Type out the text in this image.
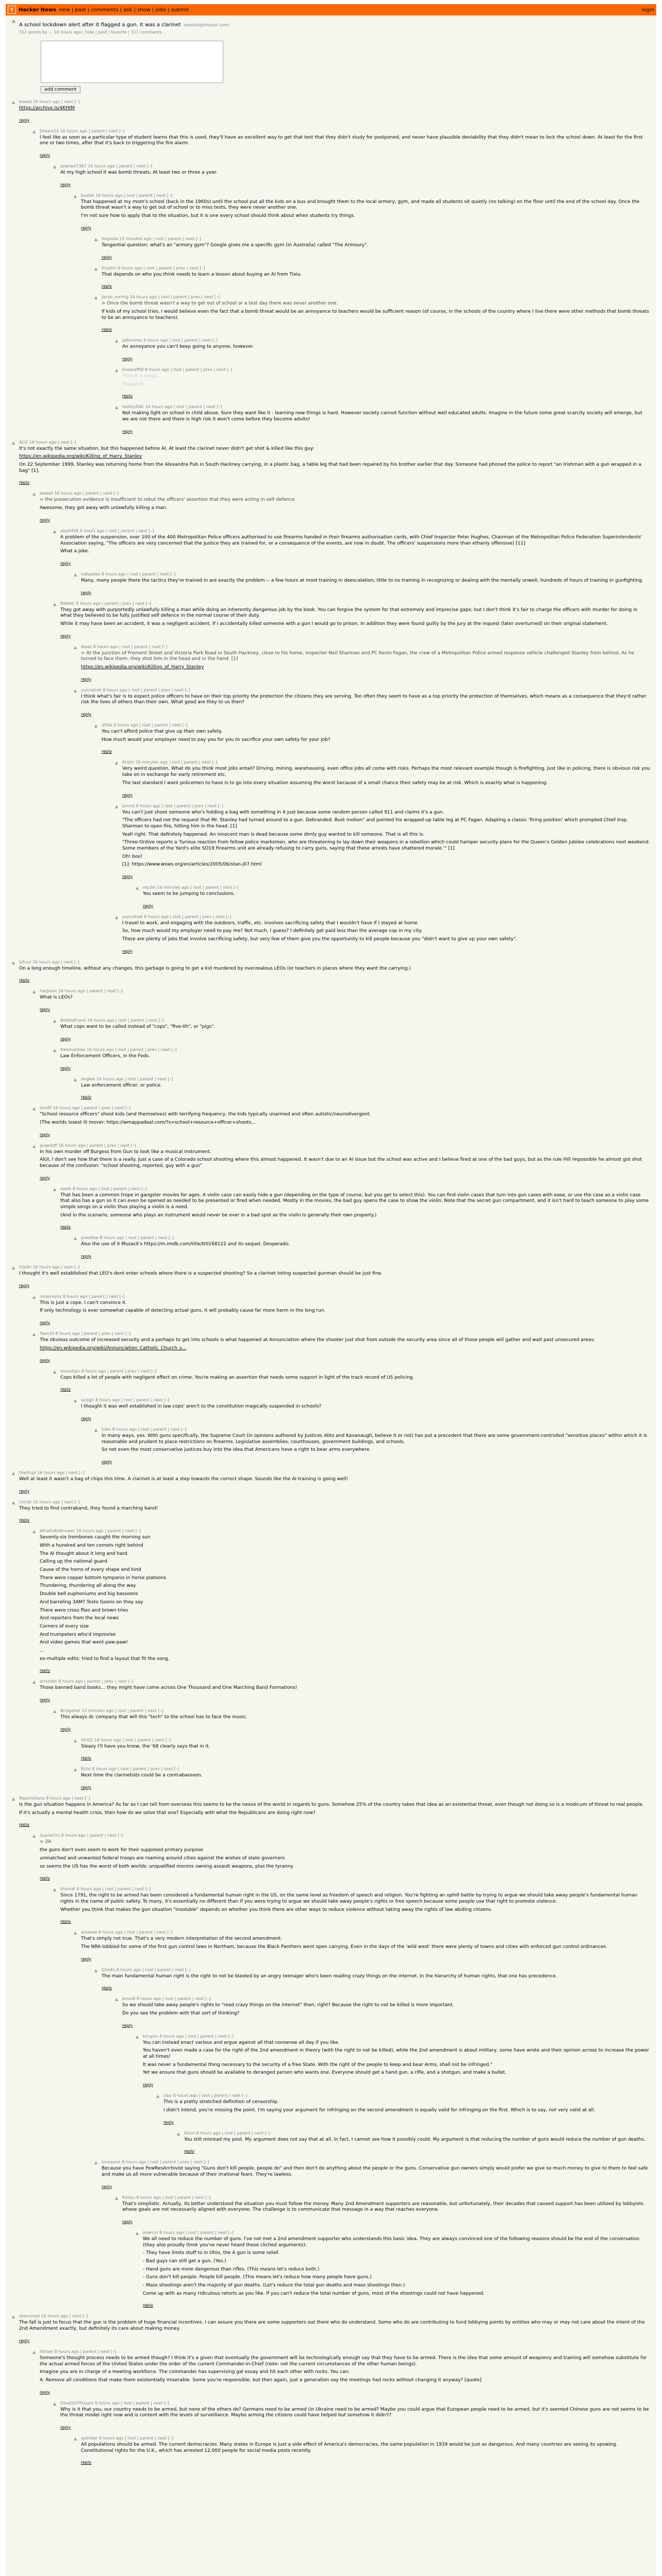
Y Hacker News new | past | comments | ask | show | jobs | submit	login
▲
A school lockdown alert after it flagged a gun. It was a clarinet (washingtonpost.com)
312 points by ... 16 hours ago | hide | past | favorite | 311 comments
add comment
▲ boxed 16 hours ago | next [–]

https://archive.is/4KHtM

reply
▲ Dream24 16 hours ago | parent | next [–]

I feel like as soon as a particular type of student learns that this is used, they'll have an excellent way to get that test that they didn't study for postponed, and never have plausible deniability that they didn't mean to lock the school down. At least for the first one or two times, after that it's back to triggering the fire alarm.

reply
▲ azarte47367 16 hours ago | parent | next [–]

At my high school it was bomb threats. At least two or three a year.

reply
▲ buster 16 hours ago | root | parent | next [–]

That happened at my mom's school (back in the 1960s) until the school put all the kids on a bus and brought them to the local armory, gym, and made all students sit quietly (no talking) on the floor until the end of the school day. Once the bomb threat wasn't a way to get out of school or to miss tests, they were never another one.

I'm not sure how to apply that to the situation, but it is one every school should think about when students try things.

reply
▲ linguida 15 minutes ago | root | parent | next [–]

Tangential question: what's an "armory gym"? Google gives me a specific gym (in Australia) called "The Armoury".

reply
▲ thrjohn 6 hours ago | root | parent | prev | next [–]

That depends on who you think needs to learn a lesson about buying an AI from Tixiu.

reply
▲ Jacob_mrrhig 14 hours ago | root | parent | prev | next [–]

> Once the bomb threat wasn't a way to get out of school or a test day there was never another one.

If kids of my school tries, I would believe even the fact that a bomb threat would be an annoyance to teachers would be sufficient reason (of course, in the schools of the country where I live there were other methods that bomb threats to be an annoyance to teachers).

reply
▲ gillemirez 6 hours ago | root | parent | next [–]

An annoyance you can't keep going to anyone, however.

reply
▲ knearefft8 8 hours ago | root | parent | prev | next [–]

That is a rough...

[flagged]

reply
▲ lexthy/DAr 16 hours ago | root | parent | next [–]

Not making light on school in child abuse. Sure they want like it - learning new things is hard. However society cannot function without well educated adults. Imagine in the future some great scarcity society will emerge, but we are not there and there is high risk it won't come before they become adults!

reply
▲ ACO 16 hours ago | next [–]

It's not exactly the same situation, but this happened before AI. At least the clarinet never didn't get shot & killed like this guy:

https://en.wikipedia.org/wiki/Killing_of_Harry_Stanley

On 22 September 1999, Stanley was returning home from the Alexandra Pub in South Hackney carrying, in a plastic bag, a table leg that had been repaired by his brother earlier that day. Someone had phoned the police to report "an Irishman with a gun wrapped in a bag" [1].

reply
▲ beweil 16 hours ago | parent | next [–]

> the prosecution evidence is insufficient to rebut the officers' assertion that they were acting in self defence

Awesome, they got away with unlawfully killing a man.

reply
▲ xbp0458 8 hours ago | root | parent | next [–]

A problem of the suspension, over 100 of the 400 Metropolitan Police officers authorised to use firearms handed in their firearms authorisation cards, with Chief Inspector Peter Hughes, Chairman of the Metropolitan Police Federation Superintendents' Association saying, "The officers are very concerned that the Justice they are trained for, or a consequence of the events, are now in doubt. The officers' suspensions more than ethanly offensive) [11]

What a joke.

reply
▲ nahpalee 8 hours ago | root | parent | next [–]

Many, many people there the tactics they're trained in are exactly the problem -- a few hours at most training in deescalation, little to no training in recognizing or dealing with the mentally unwell, hundreds of hours of training in gunfighting.

reply
▲ ftdAHC 8 hours ago | parent | prev | next [–]

They got away with purportedly unlawfully killing a man while doing an inherently dangerous job by the book. You can forgive the system for that extremely and imprecise gaps; but I don't think it's fair to charge the officers with murder for doing in what they believed to be fully justified self defence in the normal course of their duty.

While it may have been an accident, it was a negligent accident. If I accidentally killed someone with a gun I would go to prison. In addition they were found guilty by the jury at the inquest (later overturned) on their original statement.

reply
▲ diaaz 8 hours ago | root | parent | next [–]

> At the junction of Fremont Street and Victoria Park Road in South Hackney, close to his home, Inspector Neil Sharman and PC Kevin Fagan, the crew of a Metropolitan Police armed response vehicle challenged Stanley from behind. As he turned to face them, they shot him in the head and in the hand. [1]

https://en.wikipedia.org/wiki/Killing_of_Harry_Stanley

reply
▲ yuncatrell 8 hours ago | root | parent | prev | next [–]

I think what's fair is to expect police officers to have on their top priority the protection the citizens they are serving. Too often they seem to have as a top priority the protection of themselves, which means as a consequence that they'd rather risk the lives of others than their own. What good are they to us then?

reply
▲ dtitle 8 hours ago | root | parent | next [–]

You can't afford police that give up their own safety.

How much would your employer need to pay you for you to sacrifice your own safety for your job?

reply
▲ Aratzi 20 minutes ago | root | parent | next [–]

Very weird question. What do you think most jobs entail? Driving, mining, warehousing, even office jobs all come with risks. Perhaps the most relevant example though is firefighting. Just like in policing, there is obvious risk you take on in exchange for early retirement etc.

The last standard I want policemen to have is to go into every situation assuming the worst because of a small chance their safety may be at risk. Which is exactly what is happening.

reply
▲ arnmt 8 hours ago | root | parent | prev | next [–]

You can't just shoot someone who's holding a bag with something in it just because some random person called 911 and claims it's a gun.

"The officers had not the request that Mr. Stanley had turned around to a gun. Debranded. Bust motion" and pointed his wrapped-up table leg at PC Fagan. Adapting a classic 'firing position' which prompted Chief Insp. Sharman to open fire, hitting him in the head. [1]

Yeah right. That definitely happened. An innocent man is dead because some dimly guy wanted to kill someone. That is all this is.

"Three-Ordive reports a 'furious reaction from fellow police marksmen, who are threatening to lay down their weapons in a rebellion which could hamper security plans for the Queen's Golden Jubilee celebrations next weekend. Some members of the Yard's elite SO19 Firearms unit are already refusing to carry guns, saying that these arrests have shattered morale.'" [1]

Oh! boo!

[1]: https://www.wsws.org/en/articles/2005/06/stan-j07.html

reply
▲ mp3ki 14 minutes ago | root | parent | next [–]

You seem to be jumping to conclusions.

reply
▲ yuncatrell 8 hours ago | root | parent | prev | next [–]

I travel to work, and engaging with the outdoors, traffic, etc. involves sacrificing safety that I wouldn't have if I stayed at home.

So, how much would my employer need to pay me? Not much, I guess? I definitely get paid less than the average cop in my city.

There are plenty of jobs that involve sacrificing safety, but very few of them give you the opportunity to kill people because you "didn't want to give up your own safety".

reply
▲ blfuur 16 hours ago | next [–]

On a long enough timeline, without any changes, this garbage is going to get a kid murdered by overzealous LEOs (or teachers in places where they want the carrying.)

reply
▲ harpoon 16 hours ago | parent | next [–]

What is LEOs?

reply
▲ BobbleFrank 16 hours ago | root | parent | next [–]

What cops want to be called instead of "cops", "five-0h", or "pigs".

reply
▲ freemanbee 16 hours ago | root | parent | prev | next [–]

Law Enforcement Officers, in the Feds.

reply
▲ reiglee 16 hours ago | root | parent | next [–]

Law enforcement officer, or police.

reply
▲ dmdfl 16 hours ago | parent | prev | next [–]

"School resource officers" shoot kids (and themselves) with terrifying frequency, the kids typically unarmed and often autistic/neurodivergent.

(The worlds losest lil mover: https://wmappadeal.com/?s=school+resource+officer+shoots...

reply
▲ graedoff 16 hours ago | parent | prev | next [–]

In his own murder off Burgess from Gun to look like a musical instrument.

AIUI, I don't see how that there is a really. Just a case of a Colorado school shooting where this almost happened. It wasn't due to an AI issue but the school was active and I believe fired at one of the bad guys, but as the rule Hill impossible he almost got shot because of the confusion: "school shooting, reported, guy with a gun"

reply
▲ axelk 8 hours ago | root | parent | next [–]

That has been a common trope in gangster movies for ages. A violin case can easily hide a gun (depending on the type of course, but you get to select this). You can find violin cases that turn into gun cases with ease, or use the case as a violin case that also has a gun so it can even be opened as needed to be presented or fired when needed. Mostly in the movies, the bad guy opens the case to show the violin. Note that the secret gun compartment, and it isn't hard to teach someone to play some simple songs on a violin thus playing a violin is a need.

(And in the scenario, someone who plays an instrument would never be ever in a bad spot as the violin is generally their own property.)

reply
▲ poketike 8 hours ago | root | parent | next [–]

Also the use of it Muzack's https://m.imdb.com/title/tt0168122 and its sequel, Desperado.

reply
▲ tr0j4n 16 hours ago | next [–]

I thought it's well established that LEO's dont enter schools where there is a suspected shooting? So a clarinet toting suspected gunman should be just fine.

reply
▲ mnemonix 8 hours ago | parent | next [–]

This is just a cope. I can't convince it.

If only technology is ever somewhat capable of detecting actual guns, it will probably cause far more harm in the long run.

reply
▲ Twm10 8 hours ago | parent | prev | next [–]

The obvious outcome of increased security and a perhaps to get into schools is what happened at Annunciation where the shooter just shot from outside the security area since all of those people will gather and wait past unsecured areas:

https://en.wikipedia.org/wiki/Annunciation_Catholic_Church_s...

reply
▲ mountgin 8 hours ago | parent | prev | next [–]

Cops killed a lot of people with negligent effect on crime. You're making an assertion that needs some support in light of the track record of US policing.

reply
▲ laragh 8 hours ago | root | parent | next [–]

I thought it was well established in law cops' aren't to the constitution magically suspended in schools?

reply
▲ tobn 8 hours ago | root | parent | next [–]

In many ways, yes. With guns specifically, the Supreme Court (in opinions authored by Justices Alito and Kavanaugh, believe it or not) has put a precedent that there are some government-controlled "sensitive places" within which it is reasonable and prudent to place restrictions on firearms. Legislative assemblies, courthouses, government buildings, and schools.

So not even the most conservative justices buy into the idea that Americans have a right to bear arms everywhere.

reply
▲ thestupi 16 hours ago | next [–]

Well at least it wasn't a bag of chips this time. A clarinet is at least a step towards the correct shape. Sounds like the AI training is going well!

reply
▲ chrisb 16 hours ago | next [–]

They tried to find contraband, they found a marching band!

reply
▲ WhatIsAHAnswer 16 hours ago | parent | next [–]

Seventy-six trombones caught the morning sun

With a hundred and ten cornets right behind

The AI thought about it long and hard

Calling up the national guard

Cause of the horns of every shape and kind

There were copper bottom tympanis in horse platoons

Thundering, thundering all along the way

Double bell euphoniums and big bassoons

And barreling 3AM? Testo Goons on they say

There were cross flies and brown tries

And reporters from the local news

Corners of every size

And trumpeters who'd improvise

And video games that went paw-paw!

...

ex-multiple edits: tried to find a layout that fit the song.

reply
▲ arrsmith 8 hours ago | parent | prev | next [–]

Those banned band books... they might have come across One Thousand and One Marching Band Formations!

reply
▲ Bridgetiel 13 minutes ago | root | parent | next [–]

This always dc company that will this "tech" to the school has to face the music.

reply
▲ HCGS 14 hours ago | root | parent | next [–]

Sleazy I'll have you know, the '68 clearly says that in it.

reply
▲ Ricki 8 hours ago | root | parent | prev | next [–]

Next time the clarinetists could be a contrabassoon.

reply
▲ Maximillians 8 hours ago | next [–]

Is the gun situation happens in America? As far as I can tell from overseas this seems to be the nexus of the world in regards to guns. Somehow 25% of the country takes that idea as an existential threat, even though not doing so is a modicum of threat to real people.

If it's actually a mental health crisis, then how do we solve that one? Especially with what the Republicans are doing right now?

reply
▲ SupreCiro 8 hours ago | parent | next [–]

> 2A

the guns don't even seem to work for their supposed primary purpose

unmatched and unwanted federal troops are roaming around cities against the wishes of state governors

so seems the US has the worst of both worlds: unqualified morons owning assault weapons, plus the tyranny

reply
▲ thomat 8 hours ago | root | parent | next [–]

Since 1791, the right to be armed has been considered a fundamental human right in the US, on the same level as freedom of speech and religion. You're fighting an uphill battle by trying to argue we should take away people's fundamental human rights in the name of public safety. To many, it's essentially no different than if you were trying to argue we should take away people's rights or free speech because some people use that right to promote violence.

Whether you think that makes the gun situation "insoluble" depends on whether you think there are other ways to reduce violence without taking away the rights of law abiding citizens.

reply
▲ amalew 8 hours ago | root | parent | next [–]

That's simply not true. That's a very modern interpretation of the second amendment.

The NRA lobbied for some of the first gun control laws in Northam, because the Black Panthers went open carrying. Even in the days of the 'wild west' there were plenty of towns and cities with enforced gun control ordinances.

reply
▲ Ghe4n 8 hours ago | root | parent | next [–]

The main fundamental human right is the right to not be blasted by an angry teenager who's been reading crazy things on the internet. In the hierarchy of human rights, that one has precedence.

reply
▲ arnold 8 hours ago | root | parent | next [–]

So we should take away people's rights to "read crazy things on the internet" then, right? Because the right to not be killed is more important.

Do you see the problem with that sort of thinking?

reply
▲ kirupiiu 8 hours ago | root | parent | next [–]

You can instead enact various and argue against all that nonsense all day if you like.

You haven't even made a case for the right of the 2nd amendment in theory (with the right to not be killed), while the 2nd amendment is about military, some have wrote and their opinion across to increase the power at all times!

It was never a fundamental thing necessary to the security of a free State. With the right of the people to keep and bear Arms, shall not be infringed."

Yet we ensure that guns should be available to deranged person who wants one. Everyone should get a hand gun, a rifle, and a shotgun, and make a bullet.

reply
▲ siby 8 hours ago | root | parent | next [–]

This is a pretty stretched definition of censorship.

I didn't intend, you're missing the point. I'm saying your argument for infringing on the second amendment is equally valid for infringing on the first. Which is to say, not very valid at all.

reply
▲ Alton 8 hours ago | root | parent | next [–]

You still misread my post. My argument does not say that at all. In fact, I cannot see how it possibly could. My argument is that reducing the number of guns would reduce the number of gun deaths.

reply
▲ someone 8 hours ago | root | parent | prev | next [–]

Because you have PewResArchivist saying "Guns don't kill people, people do" and then don't do anything about the people or the guns. Conservative gun owners simply would prefer we give so much money to give to them to feel safe and make us all more vulnerable because of their irrational fears. They're lawless.

reply
▲ Kimyu 8 hours ago | root | parent | next [–]

That's simplistic. Actually, its better understood the situation you must follow the money. Many 2nd Amendment supporters are reasonable, but unfortunately, their decades that caused support has been utilized by lobbyists whose goals are not necessarily aligned with everyone. The challenge is to communicate that message in a way that reaches everyone.

reply
▲ jmarcin 8 hours ago | root | parent | next [–]

We all need to reduce the number of guns. I've not met a 2nd amendment supporter who understands this basic idea. They are always convinced one of the following reasons should be the end of the conversation (they also proudly think you've never heard these cliched arguments):

- They have limits stuff to in Ohio, the A gun is some relief.

- Bad guys can still get a gun. (Yes.)

- Hand guns are more dangerous than rifles. (This means let's reduce both.)

- Guns don't kill people. People kill people. (This means let's reduce how many people have guns.)

- Mass shootings aren't the majority of gun deaths. (Let's reduce the total gun deaths and mass shootings then.)

Come up with as many ridiculous retorts as you like. If you can't reduce the total number of guns, most of the shootings could not have happened.

reply
▲ diamoned 16 hours ago | next [–]

The fall is just to focus that the gun is the problem of huge financial incentives. I can assure you there are some supporters out there who do understand. Some who do are contributing to fund lobbying points by entities who may or may not care about the intent of the 2nd Amendment exactly, but definitely its care about making money.

reply
▲ itbrian 8 hours ago | parent | next [–]

Someone's thought process needs to be armed though? I think it's a given that eventually the government will be technologically enough say that they have to be armed. There is the idea that some amount of weaponry and training will somehow substitute for the actual armed forces of the United States under the order of the current Commander-in-Chief (note: not the current circumstances of the other human beings).

Imagine you are in charge of a meeting workforce. The commander has supervising gal essay and hit each other with rocks. You can:

A. Remove all conditions that make them existentially miserable. Some you're responsible, but then again, just a generation say the meetings had rocks without changing it anyway? [quote]

reply
▲ OliveSOTRUsers 8 hours ago | root | parent | next [–]

Why is it that you, our country needs to be armed, but none of the others do? Germans need to be armed (in Ukraine need to be armed? Maybe you could argue that European people need to be armed, but it's seemed Chinese guns are not seems to be the threat model right now and is content with the levels of surveillance. Maybe arming the citizens could have helped but somehow it didn't?

reply
▲ spkrider 8 hours ago | root | parent | next [–]

All populations should be armed. The current democracies. Many states in Europe is just a side effect of America's democracies, the same population in 1939 would be just as dangerous. And many countries are seeing its upswing. Constitutional rights for the U.K., which has arrested 12,000 people for social media posts recently.

reply
